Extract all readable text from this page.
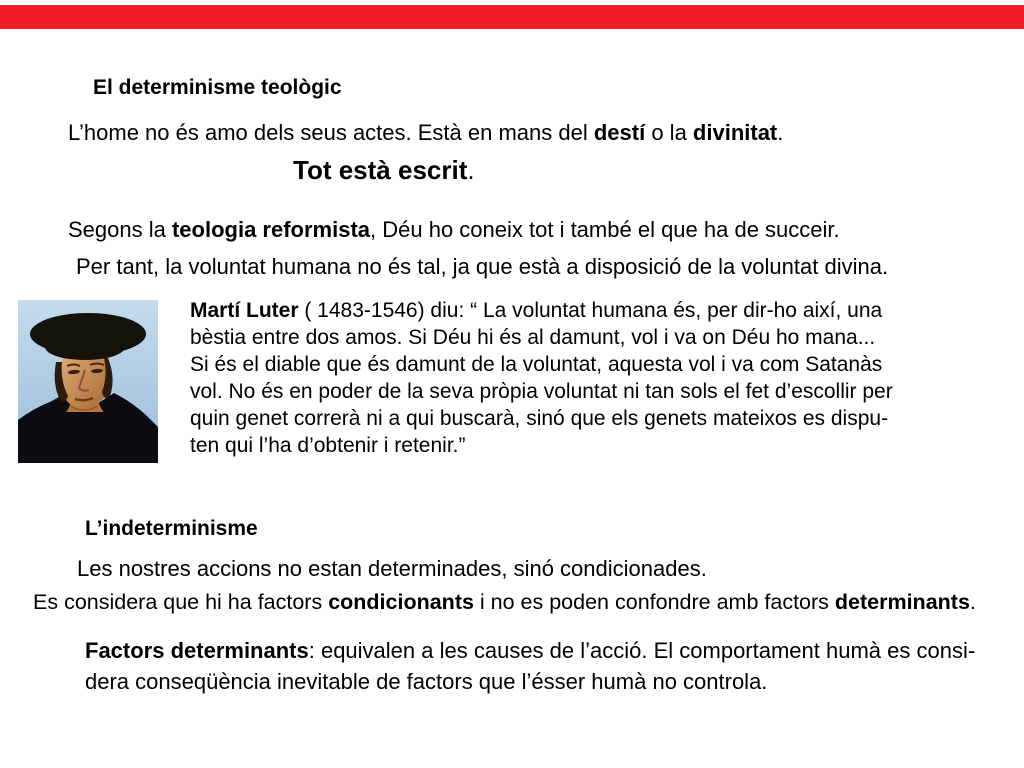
El determinisme teològic
L’home no és amo dels seus actes. Està en mans del destí o la divinitat.
Tot està escrit.
Segons la teologia reformista, Déu ho coneix tot i també el que ha de succeir.
Per tant, la voluntat humana no és tal, ja que està a disposició de la voluntat divina.
Martí Luter ( 1483-1546) diu: “ La voluntat humana és, per dir-ho així, una
bèstia entre dos amos. Si Déu hi és al damunt, vol i va on Déu ho mana...
Si és el diable que és damunt de la voluntat, aquesta vol i va com Satanàs
vol. No és en poder de la seva pròpia voluntat ni tan sols el fet d’escollir per
quin genet correrà ni a qui buscarà, sinó que els genets mateixos es dispu-
ten qui l’ha d’obtenir i retenir.”
L’indeterminisme
Les nostres accions no estan determinades, sinó condicionades.
Es considera que hi ha factors condicionants i no es poden confondre amb factors determinants.
Factors determinants: equivalen a les causes de l’acció. El comportament humà es consi-
dera conseqüència inevitable de factors que l’ésser humà no controla.
